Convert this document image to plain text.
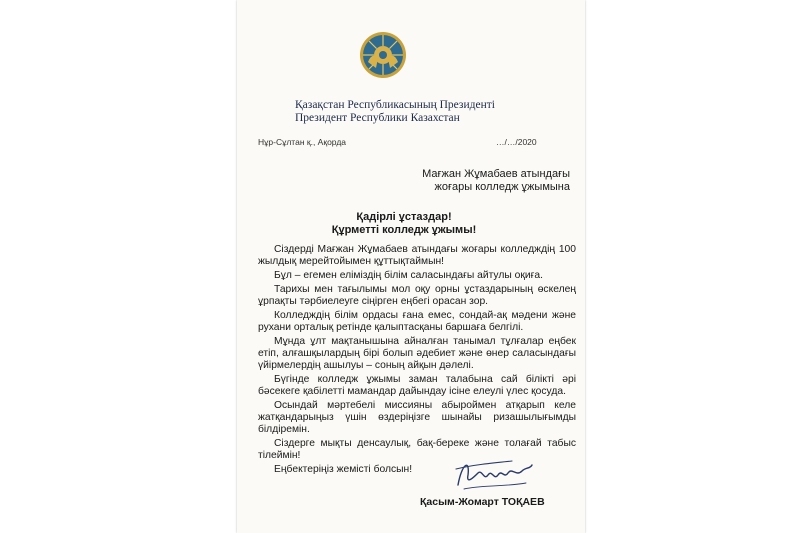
Қазақстан Республикасының Президенті
Президент Республики Казахстан
Нұр-Сұлтан қ., Ақорда	…/…/2020
Мағжан Жұмабаев атындағы
жоғары колледж ұжымына
Қадірлі ұстаздар!
Құрметті колледж ұжымы!

Сіздерді Мағжан Жұмабаев атындағы жоғары колледждің 100 жылдық мерейтойымен құттықтаймын!

Бұл – егемен еліміздің білім саласындағы айтулы оқиға.

Тарихы мен тағылымы мол оқу орны ұстаздарының өскелең ұрпақты тәрбиелеуге сіңірген еңбегі орасан зор.

Колледждің білім ордасы ғана емес, сондай-ақ мәдени және рухани орталық ретінде қалыптасқаны баршаға белгілі.

Мұнда ұлт мақтанышына айналған танымал тұлғалар еңбек етіп, алғашқылардың бірі болып әдебиет және өнер саласындағы үйірмелердің ашылуы – соның айқын дәлелі.

Бүгінде колледж ұжымы заман талабына сай білікті әрі бәсекеге қабілетті мамандар дайындау ісіне елеулі үлес қосуда.

Осындай мәртебелі миссияны абыроймен атқарып келе жатқандарыңыз үшін өздеріңізге шынайы ризашылығымды білдіремін.

Сіздерге мықты денсаулық, бақ-береке және толағай табыс тілеймін!

Еңбектеріңіз жемісті болсын!

Қасым-Жомарт ТОҚАЕВ
